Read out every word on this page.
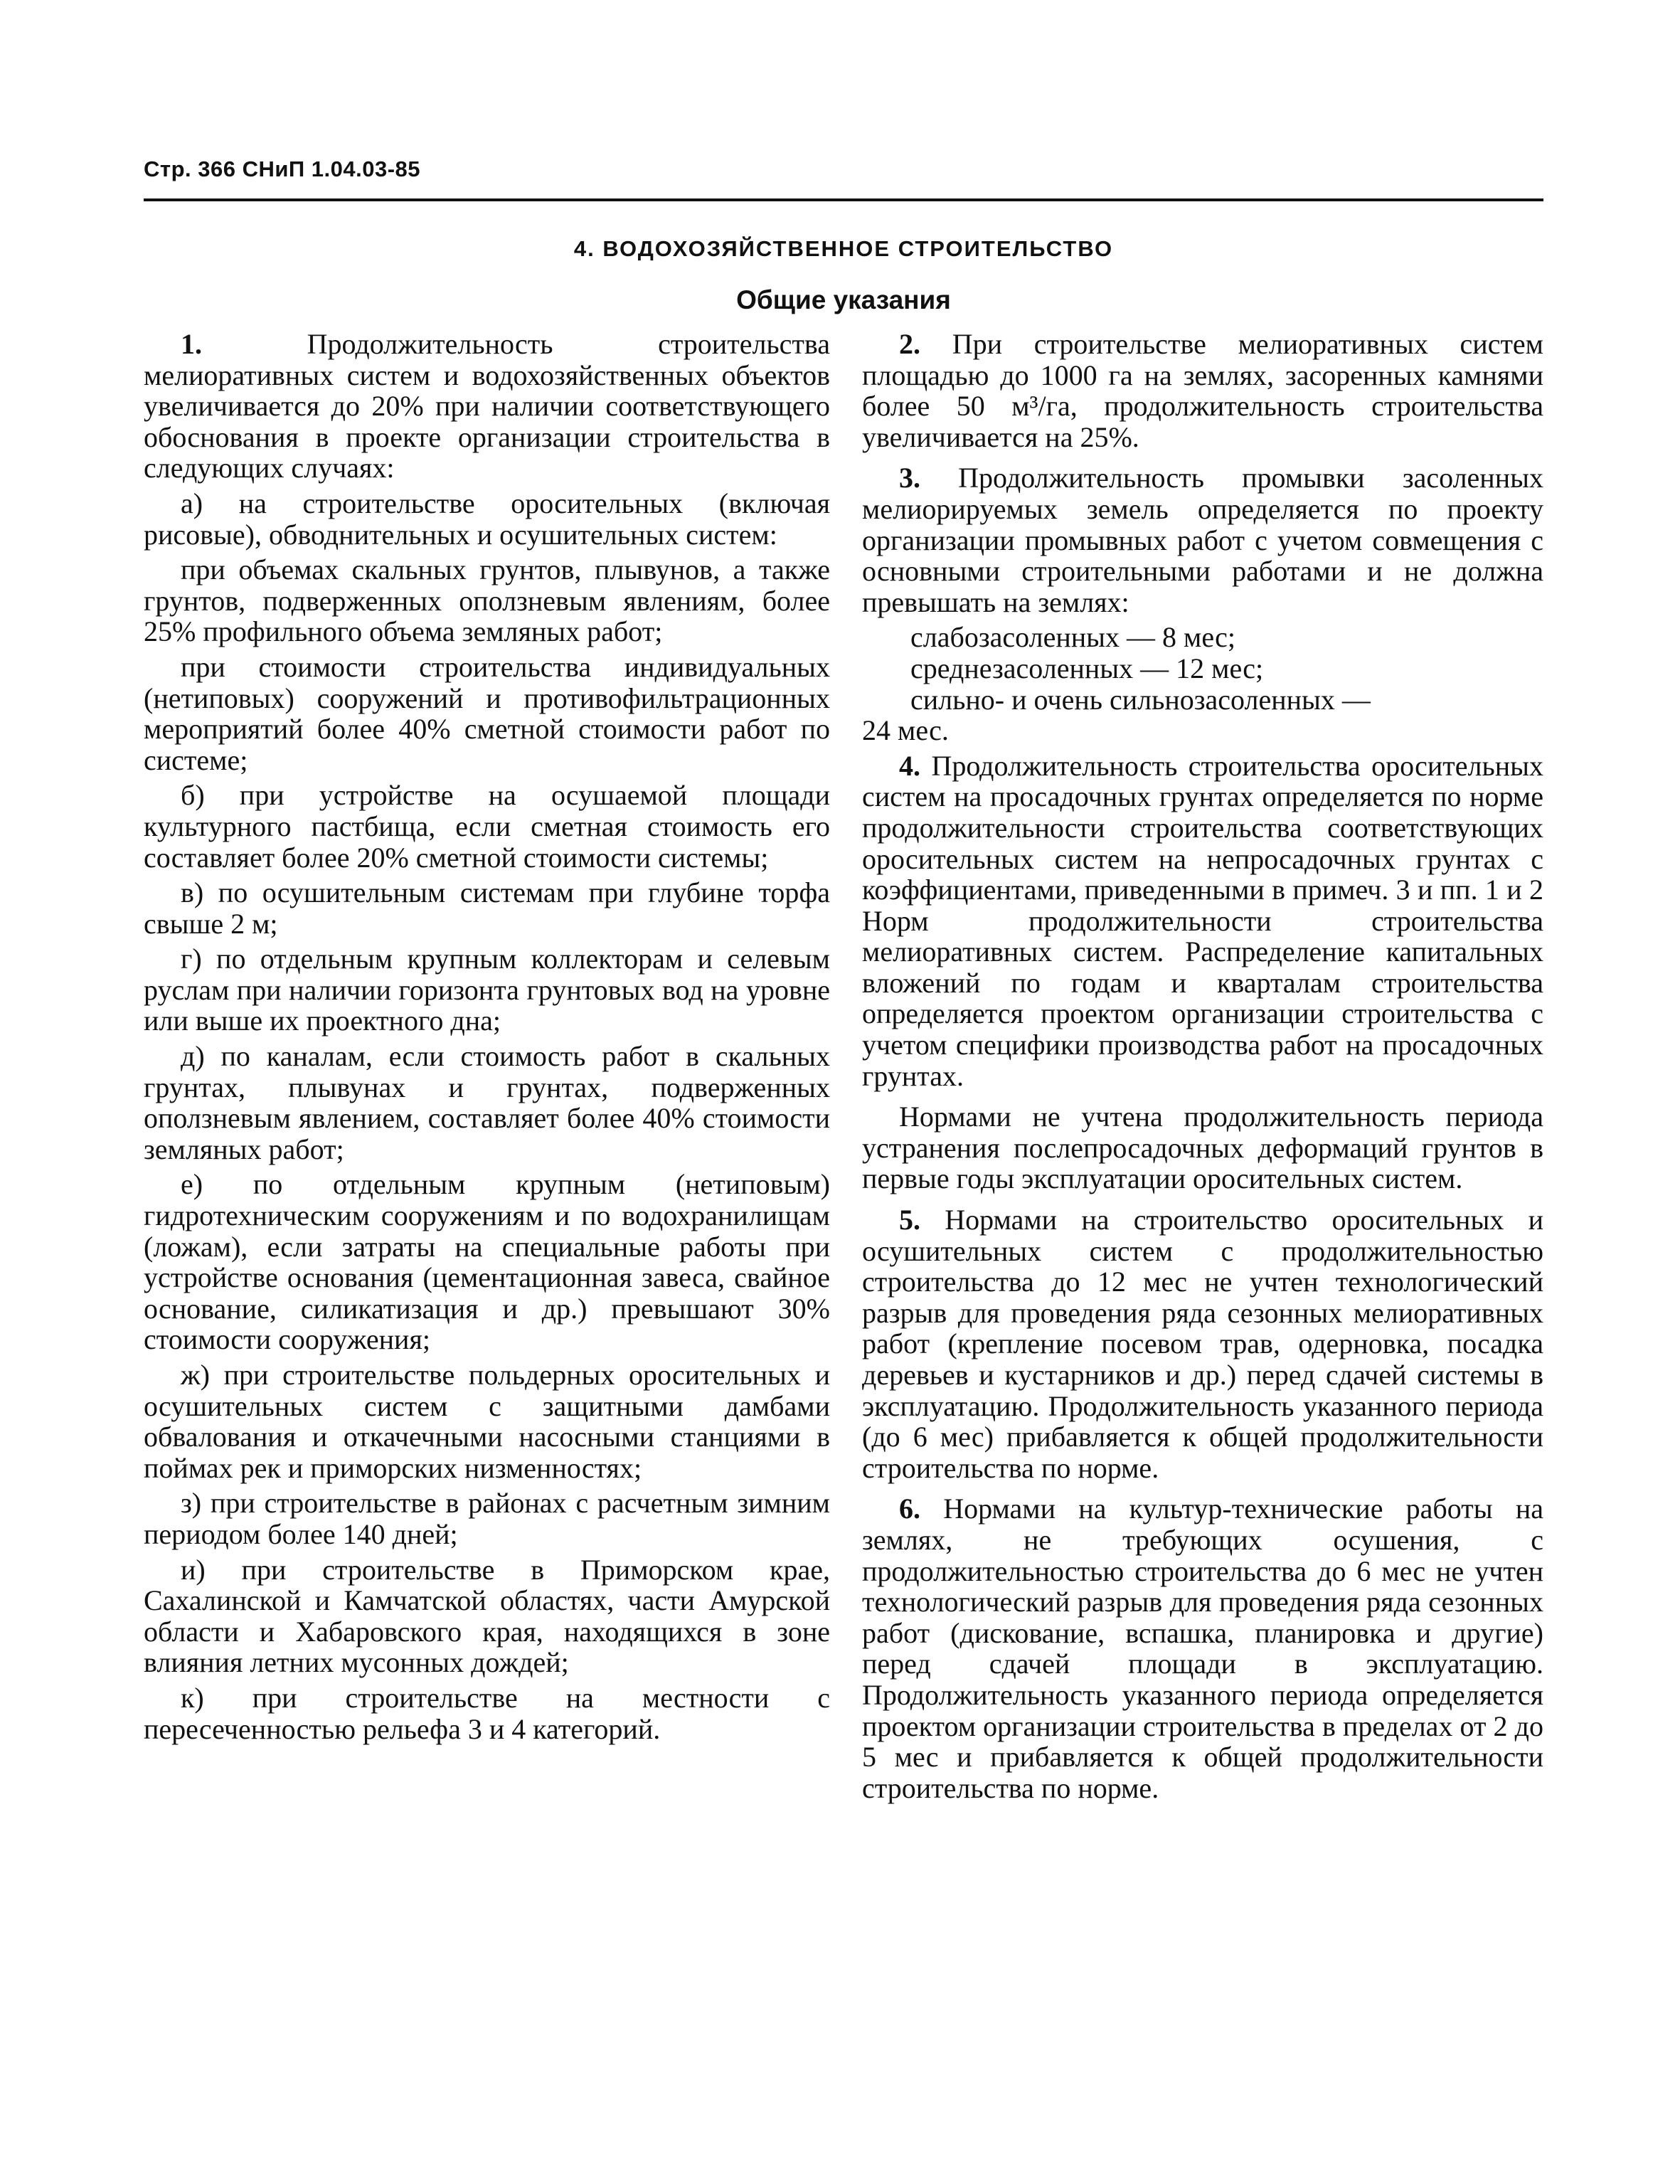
Стр. 366 СНиП 1.04.03-85
4. ВОДОХОЗЯЙСТВЕННОЕ СТРОИТЕЛЬСТВО
Общие указания

1. Продолжительность строительства мелиоративных систем и водохозяйственных объектов увеличивается до 20% при наличии соответствующего обоснования в проекте организации строительства в следующих случаях:

а) на строительстве оросительных (включая рисовые), обводнительных и осушительных систем:

при объемах скальных грунтов, плывунов, а также грунтов, подверженных оползневым явлениям, более 25% профильного объема земляных работ;

при стоимости строительства индивидуальных (нетиповых) сооружений и противофильтрационных мероприятий более 40% сметной стоимости работ по системе;

б) при устройстве на осушаемой площади культурного пастбища, если сметная стоимость его составляет более 20% сметной стоимости системы;

в) по осушительным системам при глубине торфа свыше 2 м;

г) по отдельным крупным коллекторам и селевым руслам при наличии горизонта грунтовых вод на уровне или выше их проектного дна;

д) по каналам, если стоимость работ в скальных грунтах, плывунах и грунтах, подверженных оползневым явлением, составляет более 40% стоимости земляных работ;

е) по отдельным крупным (нетиповым) гидротехническим сооружениям и по водохранилищам (ложам), если затраты на специальные работы при устройстве основания (цементационная завеса, свайное основание, силикатизация и др.) превышают 30% стоимости сооружения;

ж) при строительстве польдерных оросительных и осушительных систем с защитными дамбами обвалования и откачечными насосными станциями в поймах рек и приморских низменностях;

з) при строительстве в районах с расчетным зимним периодом более 140 дней;

и) при строительстве в Приморском крае, Сахалинской и Камчатской областях, части Амурской области и Хабаровского края, находящихся в зоне влияния летних мусонных дождей;

к) при строительстве на местности с пересеченностью рельефа 3 и 4 категорий.

2. При строительстве мелиоративных систем площадью до 1000 га на землях, засоренных камнями более 50 м³/га, продолжительность строительства увеличивается на 25%.

3. Продолжительность промывки засоленных мелиорируемых земель определяется по проекту организации промывных работ с учетом совмещения с основными строительными работами и не должна превышать на землях:

слабозасоленных — 8 мес;

среднезасоленных — 12 мес;

сильно- и очень сильнозасоленных —

24 мес.

4. Продолжительность строительства оросительных систем на просадочных грунтах определяется по норме продолжительности строительства соответствующих оросительных систем на непросадочных грунтах с коэффициентами, приведенными в примеч. 3 и пп. 1 и 2 Норм продолжительности строительства мелиоративных систем. Распределение капитальных вложений по годам и кварталам строительства определяется проектом организации строительства с учетом специфики производства работ на просадочных грунтах.

Нормами не учтена продолжительность периода устранения послепросадочных деформаций грунтов в первые годы эксплуатации оросительных систем.

5. Нормами на строительство оросительных и осушительных систем с продолжительностью строительства до 12 мес не учтен технологический разрыв для проведения ряда сезонных мелиоративных работ (крепление посевом трав, одерновка, посадка деревьев и кустарников и др.) перед сдачей системы в эксплуатацию. Продолжительность указанного периода (до 6 мес) прибавляется к общей продолжительности строительства по норме.

6. Нормами на культур-технические работы на землях, не требующих осушения, с продолжительностью строительства до 6 мес не учтен технологический разрыв для проведения ряда сезонных работ (дискование, вспашка, планировка и другие) перед сдачей площади в эксплуатацию. Продолжительность указанного периода определяется проектом организации строительства в пределах от 2 до 5 мес и прибавляется к общей продолжительности строительства по норме.
